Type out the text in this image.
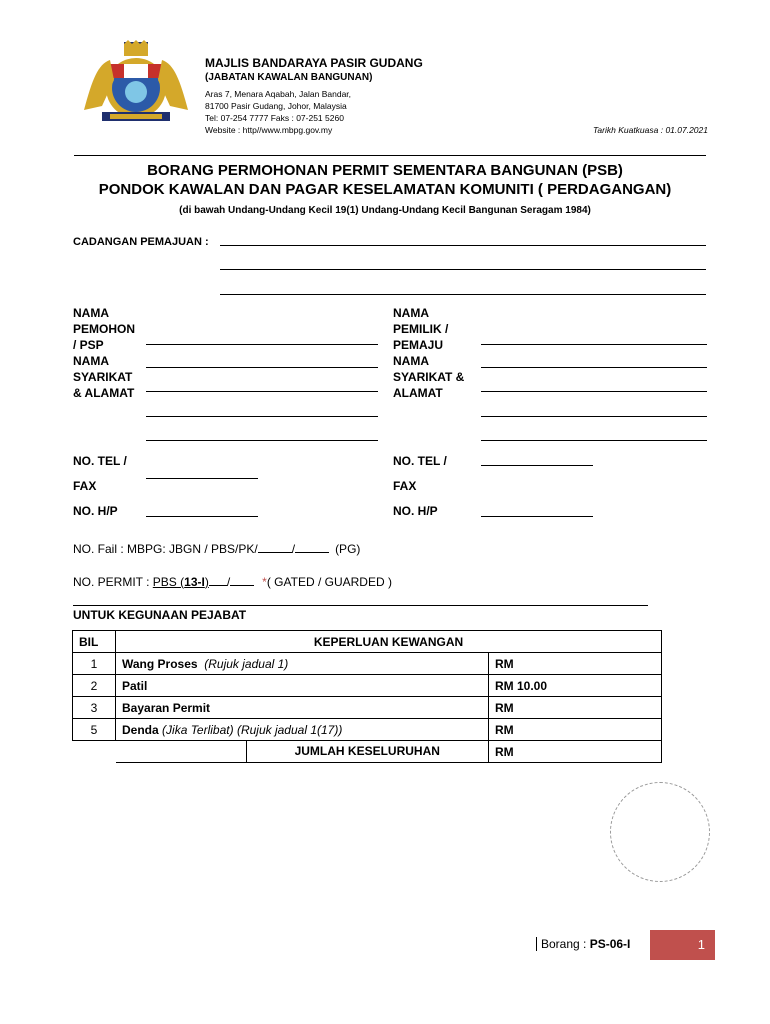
MAJLIS BANDARAYA PASIR GUDANG
(JABATAN KAWALAN BANGUNAN)
Aras 7, Menara Aqabah, Jalan Bandar,
81700 Pasir Gudang, Johor, Malaysia
Tel: 07-254 7777 Faks : 07-251 5260
Website : http//www.mbpg.gov.my	Tarikh Kuatkuasa : 01.07.2021
BORANG PERMOHONAN PERMIT SEMENTARA BANGUNAN (PSB)
PONDOK KAWALAN DAN PAGAR KESELAMATAN KOMUNITI ( PERDAGANGAN)
(di bawah Undang-Undang Kecil 19(1) Undang-Undang Kecil Bangunan Seragam 1984)
CADANGAN PEMAJUAN :
NAMA
PEMOHON
/ PSP
NAMA
SYARIKAT
& ALAMAT
NAMA
PEMILIK /
PEMAJU
NAMA
SYARIKAT &
ALAMAT
NO. TEL /
FAX
NO. H/P
NO. TEL /
FAX
NO. H/P
NO. Fail : MBPG: JBGN / PBS/PK/	/	(PG)
NO. PERMIT : PBS (13-I) /	*( GATED / GUARDED )
UNTUK KEGUNAAN PEJABAT
BIL	KEPERLUAN KEWANGAN	
1	Wang Proses (Rujuk jadual 1)	RM
2	Patil	RM 10.00
3	Bayaran Permit	RM
5	Denda (Jika Terlibat) (Rujuk jadual 1(17))	RM

	JUMLAH KESELURUHAN	RM
Borang : PS-06-I	1
